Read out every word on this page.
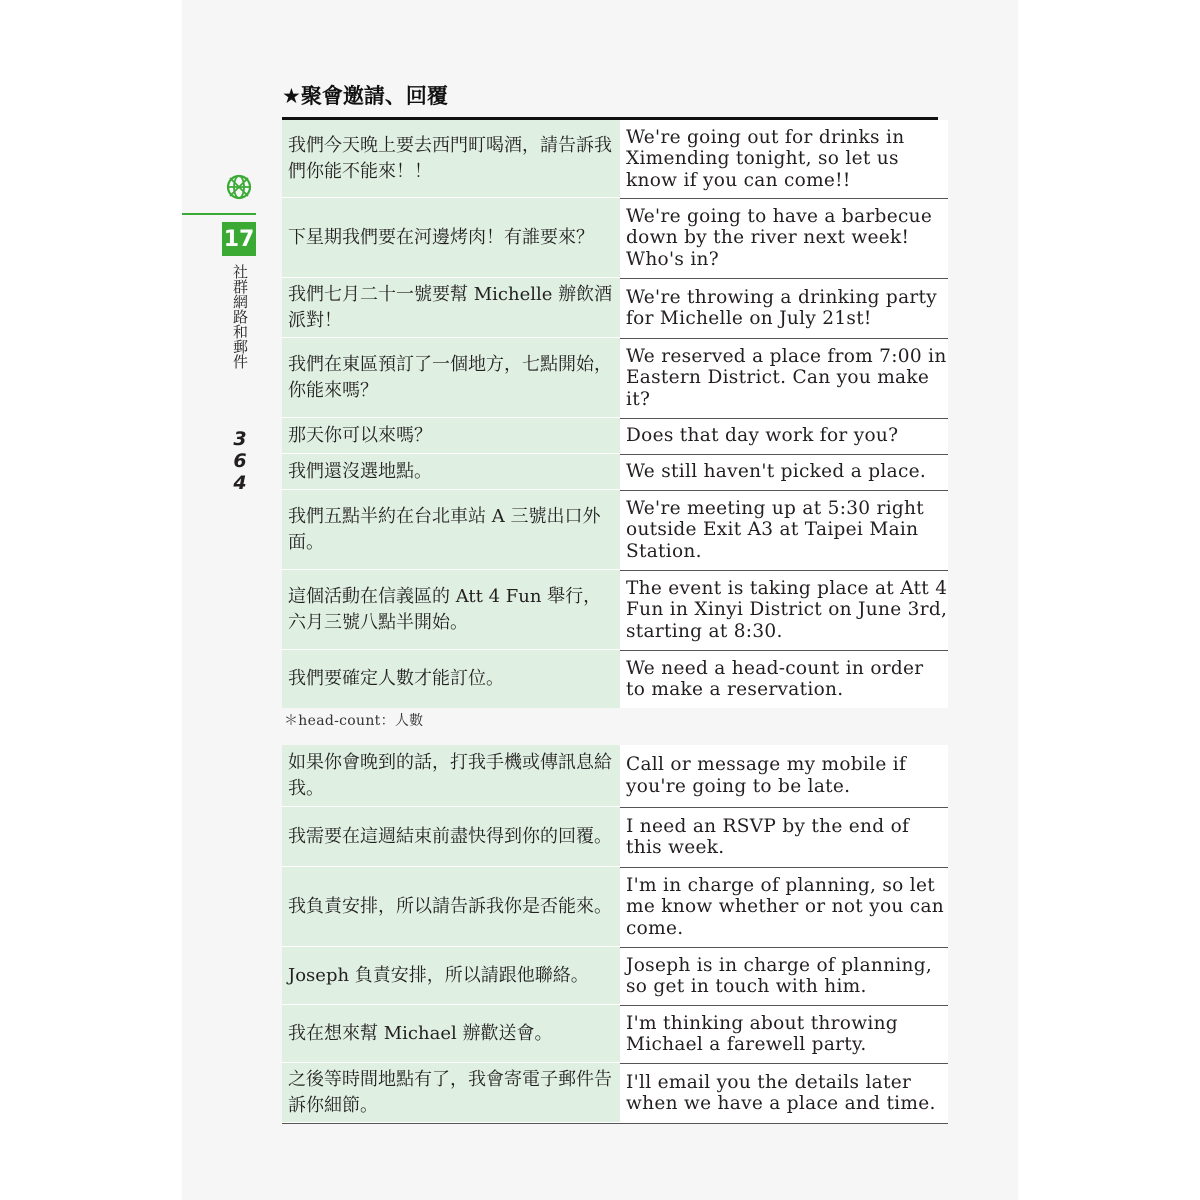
17
社群網路和郵件
3
6
4
★聚會邀請、回覆
我們今天晚上要去西門町喝酒，請告訴我們你能不能來！！	We're going out for drinks in Ximending tonight, so let us know if you can come!!
下星期我們要在河邊烤肉！有誰要來？	We're going to have a barbecue down by the river next week! Who's in?
我們七月二十一號要幫 Michelle 辦飲酒派對！	We're throwing a drinking party for Michelle on July 21st!
我們在東區預訂了一個地方，七點開始，你能來嗎？	We reserved a place from 7:00 in Eastern District. Can you make it?
那天你可以來嗎？	Does that day work for you?
我們還沒選地點。	We still haven't picked a place.
我們五點半約在台北車站 A 三號出口外面。	We're meeting up at 5:30 right outside Exit A3 at Taipei Main Station.
這個活動在信義區的 Att 4 Fun 舉行，六月三號八點半開始。	The event is taking place at Att 4 Fun in Xinyi District on June 3rd, starting at 8:30.
我們要確定人數才能訂位。	We need a head-count in order to make a reservation.
＊head-count：人數
如果你會晚到的話，打我手機或傳訊息給我。	Call or message my mobile if you're going to be late.
我需要在這週結束前盡快得到你的回覆。	I need an RSVP by the end of this week.
我負責安排，所以請告訴我你是否能來。	I'm in charge of planning, so let me know whether or not you can come.
Joseph 負責安排，所以請跟他聯絡。	Joseph is in charge of planning, so get in touch with him.
我在想來幫 Michael 辦歡送會。	I'm thinking about throwing Michael a farewell party.
之後等時間地點有了，我會寄電子郵件告訴你細節。	I'll email you the details later when we have a place and time.
